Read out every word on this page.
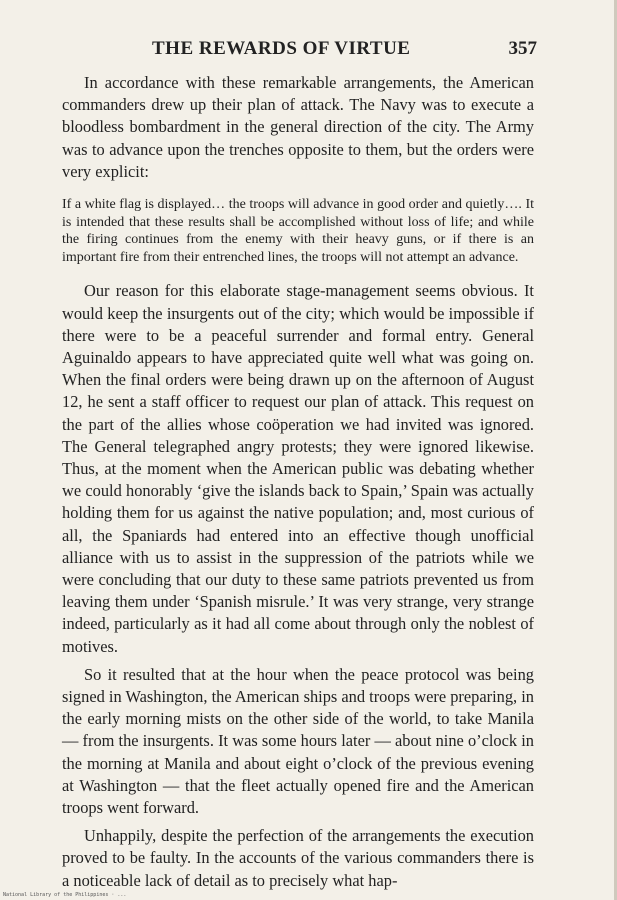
THE REWARDS OF VIRTUE	357

In accordance with these remarkable arrangements, the American commanders drew up their plan of attack. The Navy was to execute a bloodless bombardment in the general direction of the city. The Army was to advance upon the trenches opposite to them, but the orders were very explicit:

If a white flag is displayed… the troops will advance in good order and quietly…. It is intended that these results shall be accomplished without loss of life; and while the firing continues from the enemy with their heavy guns, or if there is an important fire from their entrenched lines, the troops will not attempt an advance.

Our reason for this elaborate stage-management seems obvious. It would keep the insurgents out of the city; which would be impossible if there were to be a peaceful surrender and formal entry. General Aguinaldo appears to have appreciated quite well what was going on. When the final orders were being drawn up on the afternoon of August 12, he sent a staff officer to request our plan of attack. This request on the part of the allies whose coöperation we had invited was ignored. The General telegraphed angry protests; they were ignored likewise. Thus, at the moment when the American public was debating whether we could honorably ‘give the islands back to Spain,’ Spain was actually holding them for us against the native population; and, most curious of all, the Spaniards had entered into an effective though unofficial alliance with us to assist in the suppression of the patriots while we were concluding that our duty to these same patriots prevented us from leaving them under ‘Spanish misrule.’ It was very strange, very strange indeed, particularly as it had all come about through only the noblest of motives.

So it resulted that at the hour when the peace protocol was being signed in Washington, the American ships and troops were preparing, in the early morning mists on the other side of the world, to take Manila — from the insurgents. It was some hours later — about nine o’clock in the morning at Manila and about eight o’clock of the previous evening at Washington — that the fleet actually opened fire and the American troops went forward.

Unhappily, despite the perfection of the arrangements the execution proved to be faulty. In the accounts of the various commanders there is a noticeable lack of detail as to precisely what hap-

National Library of the Philippines · ...
